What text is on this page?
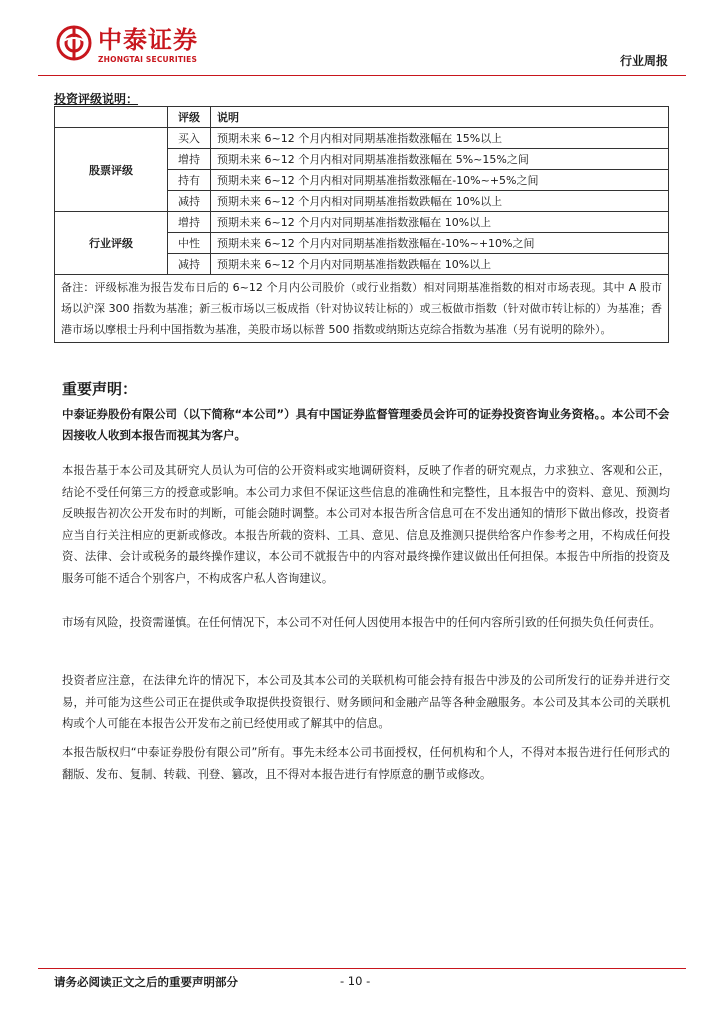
中泰证券
ZHONGTAI SECURITIES	行业周报
投资评级说明：
	评级	说明
股票评级	买入	预期未来 6~12 个月内相对同期基准指数涨幅在 15%以上
	增持	预期未来 6~12 个月内相对同期基准指数涨幅在 5%~15%之间
	持有	预期未来 6~12 个月内相对同期基准指数涨幅在-10%~+5%之间
	减持	预期未来 6~12 个月内相对同期基准指数跌幅在 10%以上
行业评级	增持	预期未来 6~12 个月内对同期基准指数涨幅在 10%以上
	中性	预期未来 6~12 个月内对同期基准指数涨幅在-10%~+10%之间
	减持	预期未来 6~12 个月内对同期基准指数跌幅在 10%以上
备注：评级标准为报告发布日后的 6~12 个月内公司股价（或行业指数）相对同期基准指数的相对市场表现。其中 A 股市场以沪深 300 指数为基准；新三板市场以三板成指（针对协议转让标的）或三板做市指数（针对做市转让标的）为基准；香港市场以摩根士丹利中国指数为基准，美股市场以标普 500 指数或纳斯达克综合指数为基准（另有说明的除外）。		
重要声明：
中泰证券股份有限公司（以下简称“本公司”）具有中国证券监督管理委员会许可的证券投资咨询业务资格。。本公司不会因接收人收到本报告而视其为客户。
本报告基于本公司及其研究人员认为可信的公开资料或实地调研资料，反映了作者的研究观点，力求独立、客观和公正，结论不受任何第三方的授意或影响。本公司力求但不保证这些信息的准确性和完整性，且本报告中的资料、意见、预测均反映报告初次公开发布时的判断，可能会随时调整。本公司对本报告所含信息可在不发出通知的情形下做出修改，投资者应当自行关注相应的更新或修改。本报告所载的资料、工具、意见、信息及推测只提供给客户作参考之用，不构成任何投资、法律、会计或税务的最终操作建议，本公司不就报告中的内容对最终操作建议做出任何担保。本报告中所指的投资及服务可能不适合个别客户，不构成客户私人咨询建议。
市场有风险，投资需谨慎。在任何情况下，本公司不对任何人因使用本报告中的任何内容所引致的任何损失负任何责任。
投资者应注意，在法律允许的情况下，本公司及其本公司的关联机构可能会持有报告中涉及的公司所发行的证券并进行交易，并可能为这些公司正在提供或争取提供投资银行、财务顾问和金融产品等各种金融服务。本公司及其本公司的关联机构或个人可能在本报告公开发布之前已经使用或了解其中的信息。
本报告版权归“中泰证券股份有限公司”所有。事先未经本公司书面授权，任何机构和个人，不得对本报告进行任何形式的翻版、发布、复制、转载、刊登、篡改，且不得对本报告进行有悖原意的删节或修改。
请务必阅读正文之后的重要声明部分	- 10 -
